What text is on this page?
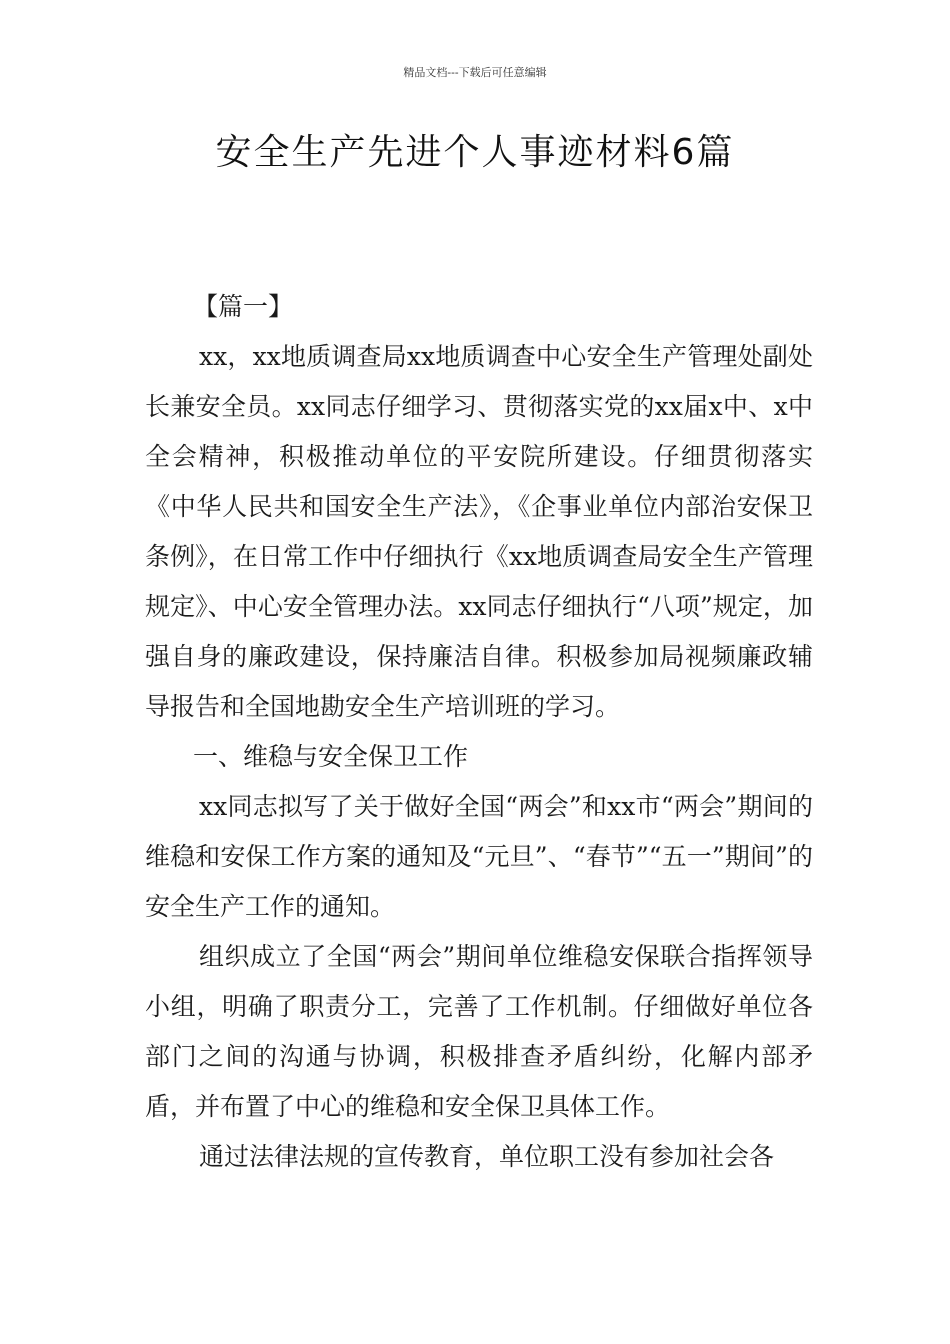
精品文档---下载后可任意编辑
安全生产先进个人事迹材料6篇

【篇一】

xx，xx地质调查局xx地质调查中心安全生产管理处副处长兼安全员。xx同志仔细学习、贯彻落实党的xx届x中、x中全会精神，积极推动单位的平安院所建设。仔细贯彻落实《中华人民共和国安全生产法》，《企事业单位内部治安保卫条例》，在日常工作中仔细执行《xx地质调查局安全生产管理规定》、中心安全管理办法。xx同志仔细执行“八项”规定，加强自身的廉政建设，保持廉洁自律。积极参加局视频廉政辅导报告和全国地勘安全生产培训班的学习。

一、维稳与安全保卫工作

xx同志拟写了关于做好全国“两会”和xx市“两会”期间的维稳和安保工作方案的通知及“元旦”、“春节”“五一”期间”的安全生产工作的通知。

组织成立了全国“两会”期间单位维稳安保联合指挥领导小组，明确了职责分工，完善了工作机制。仔细做好单位各部门之间的沟通与协调，积极排查矛盾纠纷，化解内部矛盾，并布置了中心的维稳和安全保卫具体工作。

通过法律法规的宣传教育，单位职工没有参加社会各
